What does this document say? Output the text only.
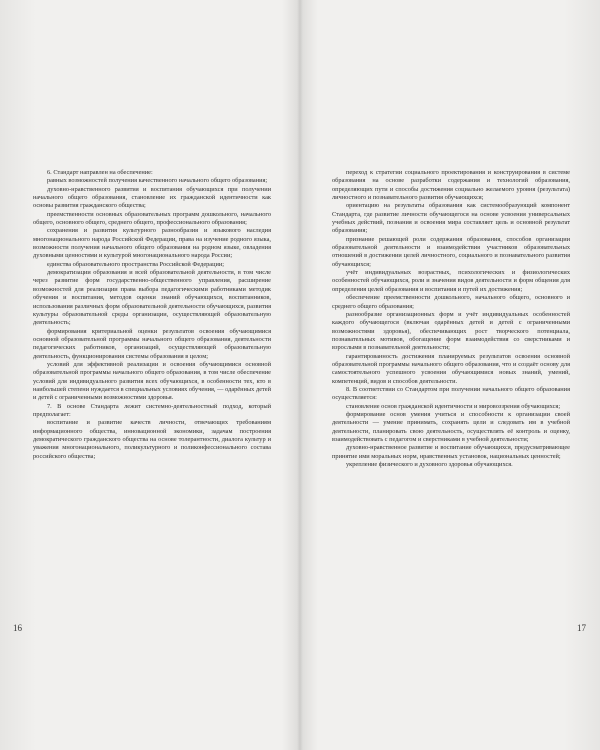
6. Стандарт направлен на обеспечение:

равных возможностей получения качественного начального общего образования;

духовно-нравственного развития и воспитания обучающихся при получении начального общего образования, становление их гражданской идентичности как основы развития гражданского общества;

преемственности основных образовательных программ дошкольного, начального общего, основного общего, среднего общего, профессионального образования;

сохранения и развития культурного разнообразия и языкового наследия многонационального народа Российской Федерации, права на изучение родного языка, возможности получения начального общего образования на родном языке, овладения духовными ценностями и культурой многонационального народа России;

единства образовательного пространства Российской Федерации;

демократизации образования и всей образовательной деятельности, в том числе через развитие форм государственно-общественного управления, расширение возможностей для реализации права выбора педагогическими работниками методик обучения и воспитания, методов оценки знаний обучающихся, воспитанников, использования различных форм образовательной деятельности обучающихся, развития культуры образовательной среды организации, осуществляющей образовательную деятельность;

формирования критериальной оценки результатов освоения обучающимися основной образовательной программы начального общего образования, деятельности педагогических работников, организаций, осуществляющей образовательную деятельность, функционирования системы образования в целом;

условий для эффективной реализации и освоения обучающимися основной образовательной программы начального общего образования, в том числе обеспечение условий для индивидуального развития всех обучающихся, в особенности тех, кто в наибольшей степени нуждается в специальных условиях обучения, — одарённых детей и детей с ограниченными возможностями здоровья.

7. В основе Стандарта лежит системно-деятельностный подход, который предполагает:

воспитание и развитие качеств личности, отвечающих требованиям информационного общества, инновационной экономики, задачам построения демократического гражданского общества на основе толерантности, диалога культур и уважения многонационального, поликультурного и поликонфессионального состава российского общества;

переход к стратегии социального проектирования и конструирования в системе образования на основе разработки содержания и технологий образования, определяющих пути и способы достижения социально желаемого уровня (результата) личностного и познавательного развития обучающихся;

ориентацию на результаты образования как системообразующий компонент Стандарта, где развитие личности обучающегося на основе усвоения универсальных учебных действий, познания и освоения мира составляет цель и основной результат образования;

признание решающей роли содержания образования, способов организации образовательной деятельности и взаимодействия участников образовательных отношений в достижении целей личностного, социального и познавательного развития обучающихся;

учёт индивидуальных возрастных, психологических и физиологических особенностей обучающихся, роли и значения видов деятельности и форм общения для определения целей образования и воспитания и путей их достижения;

обеспечение преемственности дошкольного, начального общего, основного и среднего общего образования;

разнообразие организационных форм и учёт индивидуальных особенностей каждого обучающегося (включая одарённых детей и детей с ограниченными возможностями здоровья), обеспечивающих рост творческого потенциала, познавательных мотивов, обогащение форм взаимодействия со сверстниками и взрослыми в познавательной деятельности;

гарантированность достижения планируемых результатов освоения основной образовательной программы начального общего образования, что и создаёт основу для самостоятельного успешного усвоения обучающимися новых знаний, умений, компетенций, видов и способов деятельности.

8. В соответствии со Стандартом при получении начального общего образования осуществляется:

становление основ гражданской идентичности и мировоззрения обучающихся;

формирование основ умения учиться и способности к организации своей деятельности — умение принимать, сохранять цели и следовать им в учебной деятельности, планировать свою деятельность, осуществлять её контроль и оценку, взаимодействовать с педагогом и сверстниками в учебной деятельности;

духовно-нравственное развитие и воспитание обучающихся, предусматривающее принятие ими моральных норм, нравственных установок, национальных ценностей;

укрепление физического и духовного здоровья обучающихся.

16	17
